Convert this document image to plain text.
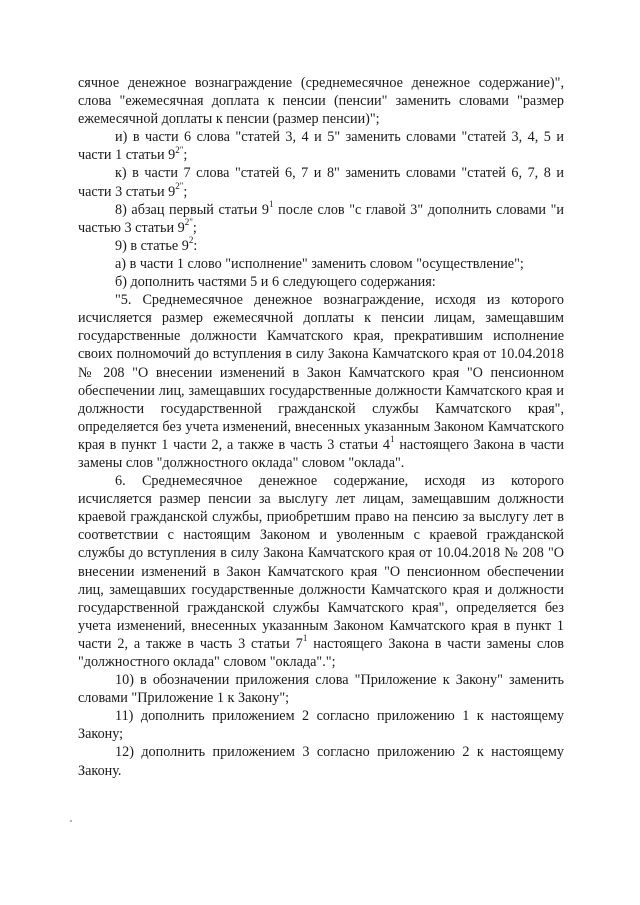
сячное денежное вознаграждение (среднемесячное денежное содержание)", слова "ежемесячная доплата к пенсии (пенсии" заменить словами "размер ежемесячной доплаты к пенсии (размер пенсии)";

и) в части 6 слова "статей 3, 4 и 5" заменить словами "статей 3, 4, 5 и части 1 статьи $9^{2"}$;

к) в части 7 слова "статей 6, 7 и 8" заменить словами "статей 6, 7, 8 и части 3 статьи $9^{2"}$;

8) абзац первый статьи $9^1$ после слов "с главой 3" дополнить словами "и частью 3 статьи $9^{2"}$;

9) в статье $9^2$:

а) в части 1 слово "исполнение" заменить словом "осуществление";

б) дополнить частями 5 и 6 следующего содержания:

"5. Среднемесячное денежное вознаграждение, исходя из которого исчисляется размер ежемесячной доплаты к пенсии лицам, замещавшим государственные должности Камчатского края, прекратившим исполнение своих полномочий до вступления в силу Закона Камчатского края от 10.04.2018 № 208 "О внесении изменений в Закон Камчатского края "О пенсионном обеспечении лиц, замещавших государственные должности Камчатского края и должности государственной гражданской службы Камчатского края", определяется без учета изменений, внесенных указанным Законом Камчатского края в пункт 1 части 2, а также в часть 3 статьи $4^1$ настоящего Закона в части замены слов "должностного оклада" словом "оклада".

6. Среднемесячное денежное содержание, исходя из которого исчисляется размер пенсии за выслугу лет лицам, замещавшим должности краевой гражданской службы, приобретшим право на пенсию за выслугу лет в соответствии с настоящим Законом и уволенным с краевой гражданской службы до вступления в силу Закона Камчатского края от 10.04.2018 № 208 "О внесении изменений в Закон Камчатского края "О пенсионном обеспечении лиц, замещавших государственные должности Камчатского края и должности государственной гражданской службы Камчатского края", определяется без учета изменений, внесенных указанным Законом Камчатского края в пункт 1 части 2, а также в часть 3 статьи $7^1$ настоящего Закона в части замены слов "должностного оклада" словом "оклада".";

10) в обозначении приложения слова "Приложение к Закону" заменить словами "Приложение 1 к Закону";

11) дополнить приложением 2 согласно приложению 1 к настоящему Закону;

12) дополнить приложением 3 согласно приложению 2 к настоящему Закону.
